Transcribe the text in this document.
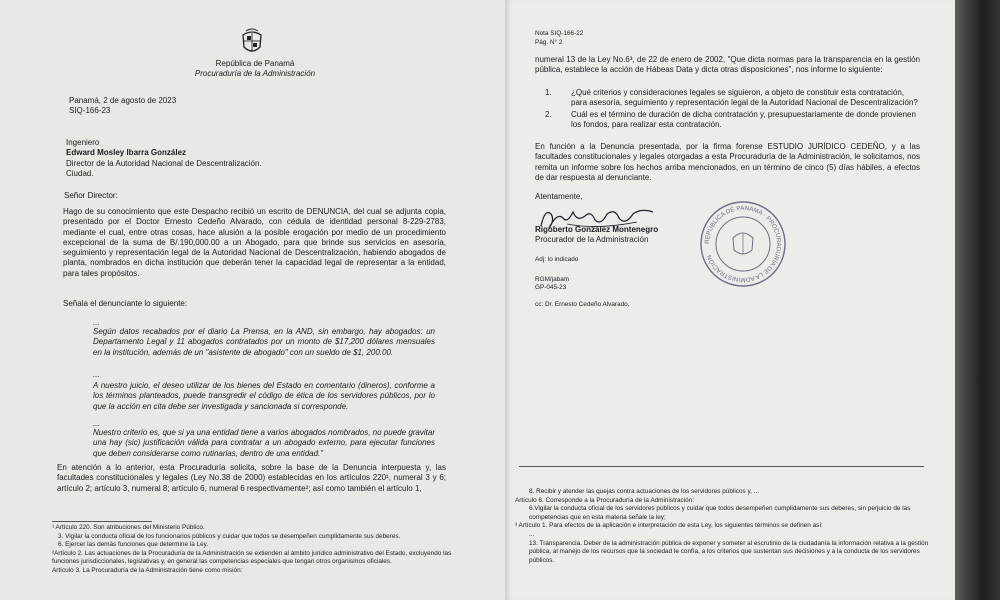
República de Panamá
Procuraduría de la Administración
Panamá, 2 de agosto de 2023
SIQ-166-23
Ingeniero
Edward Mosley Ibarra González
Director de la Autoridad Nacional de Descentralización.
Ciudad.
Señor Director:
Hago de su conocimiento que este Despacho recibió un escrito de DENUNCIA, del cual se adjunta copia, presentado por el Doctor Ernesto Cedeño Alvarado, con cédula de identidad personal 8-229-2783, mediante el cual, entre otras cosas, hace alusión a la posible erogación por medio de un procedimiento excepcional de la suma de B/.190,000.00 a un Abogado, para que brinde sus servicios en asesoría, seguimiento y representación legal de la Autoridad Nacional de Descentralización, habiendo abogados de planta, nombrados en dicha institución que deberán tener la capacidad legal de representar a la entidad, para tales propósitos.
Señala el denunciante lo siguiente:
...
Según datos recabados por el diario La Prensa, en la AND, sin embargo, hay abogados: un Departamento Legal y 11 abogados contratados por un monto de $17,200 dólares mensuales en la institución, además de un "asistente de abogado" con un sueldo de $1, 200.00.
...
A nuestro juicio, el deseo utilizar de los bienes del Estado en comentario (dineros), conforme a los términos planteados, puede transgredir el código de ética de los servidores públicos, por lo que la acción en cita debe ser investigada y sancionada si corresponde.
...
Nuestro criterio es, que si ya una entidad tiene a varios abogados nombrados, no puede gravitar una hay (sic) justificación válida para contratar a un abogado externo, para ejecutar funciones que deben considerarse como rutinarias, dentro de una entidad."
En atención a lo anterior, esta Procuraduría solicita, sobre la base de la Denuncia interpuesta y, las facultades constitucionales y legales (Ley No.38 de 2000) establecidas en los artículos 220¹, numeral 3 y 6; artículo 2; artículo 3, numeral 8; artículo 6, numeral 6 respectivamente²; así como también el artículo 1,
¹ Artículo 220. Son atribuciones del Ministerio Público.
3. Vigilar la conducta oficial de los funcionarios públicos y cuidar que todos se desempeñen cumplidamente sus deberes.
6. Ejercer las demás funciones que determine la Ley.
²Artículo 2. Las actuaciones de la Procuraduría de la Administración se extienden al ámbito jurídico administrativo del Estado, excluyendo las funciones jurisdiccionales, legislativas y, en general las competencias especiales que tengan otros organismos oficiales.
Artículo 3. La Procuraduría de la Administración tiene como misión:
Nota SIQ-166-22
Pág. N° 2
numeral 13 de la Ley No.6³, de 22 de enero de 2002, "Que dicta normas para la transparencia en la gestión pública, establece la acción de Hábeas Data y dicta otras disposiciones", nos informe lo siguiente:
1.	¿Qué criterios y consideraciones legales se siguieron, a objeto de constituir esta contratación, para asesoría, seguimiento y representación legal de la Autoridad Nacional de Descentralización?
2.	Cuál es el término de duración de dicha contratación y, presupuestariamente de donde provienen los fondos, para realizar esta contratación.
En función a la Denuncia presentada, por la firma forense ESTUDIO JURÍDICO CEDEÑO, y a las facultades constitucionales y legales otorgadas a esta Procuraduría de la Administración, le solicitamos, nos remita un informe sobre los hechos arriba mencionados, en un término de cinco (5) días hábiles, a efectos de dar respuesta al denunciante.
Atentamente,
Rigoberto González Montenegro
Procurador de la Administración	REPÚBLICA DE PANAMÁ · PROCURADURÍA DE LA ADMINISTRACIÓN
Adj: lo indicado
RGM/jabam
GP-045-23
cc: Dr. Ernesto Cedeño Alvarado.
8. Recibir y atender las quejas contra actuaciones de los servidores públicos y, ...
Artículo 6. Corresponde a la Procuraduría de la Administración:
6.Vigilar la conducta oficial de los servidores públicos y cuidar que todos desempeñen cumplidamente sus deberes, sin perjuicio de las competencias que en esta materia señale la ley;
³ Artículo 1. Para efectos de la aplicación e interpretación de esta Ley, los siguientes términos se definen así:
...
13. Transparencia. Deber de la administración pública de exponer y someter al escrutinio de la ciudadanía la información relativa a la gestión pública, al manejo de los recursos que la sociedad le confía, a los criterios que sustentan sus decisiones y a la conducta de los servidores públicos.
